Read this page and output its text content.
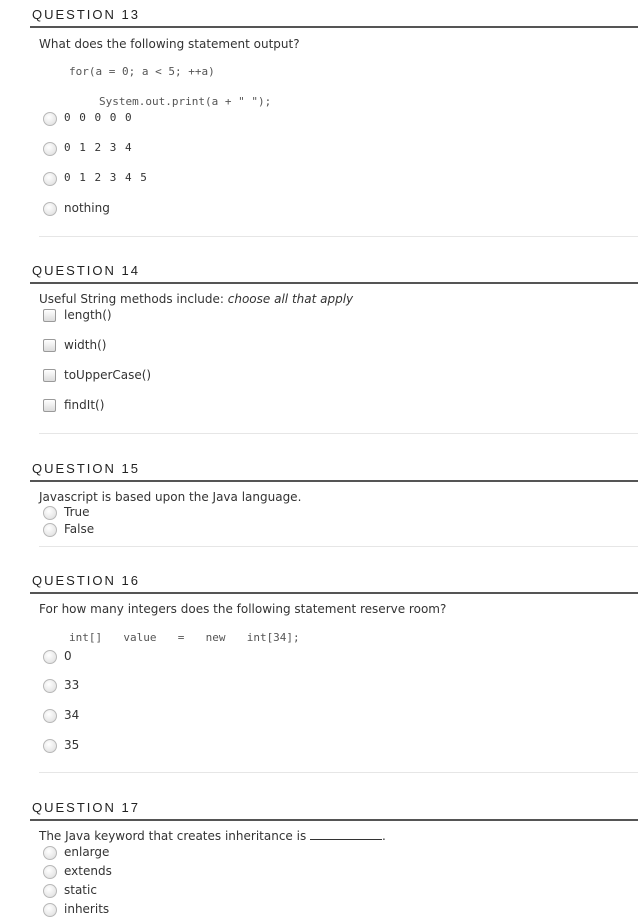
QUESTION 13
What does the following statement output?
for(a = 0; a < 5; ++a)
System.out.print(a + " ");
0 0 0 0 0
0 1 2 3 4
0 1 2 3 4 5
nothing
QUESTION 14
Useful String methods include: choose all that apply
length()
width()
toUpperCase()
findIt()
QUESTION 15
Javascript is based upon the Java language.
True
False
QUESTION 16
For how many integers does the following statement reserve room?
int[]  value  =  new  int[34];
0
33
34
35
QUESTION 17
The Java keyword that creates inheritance is	.
enlarge
extends
static
inherits
